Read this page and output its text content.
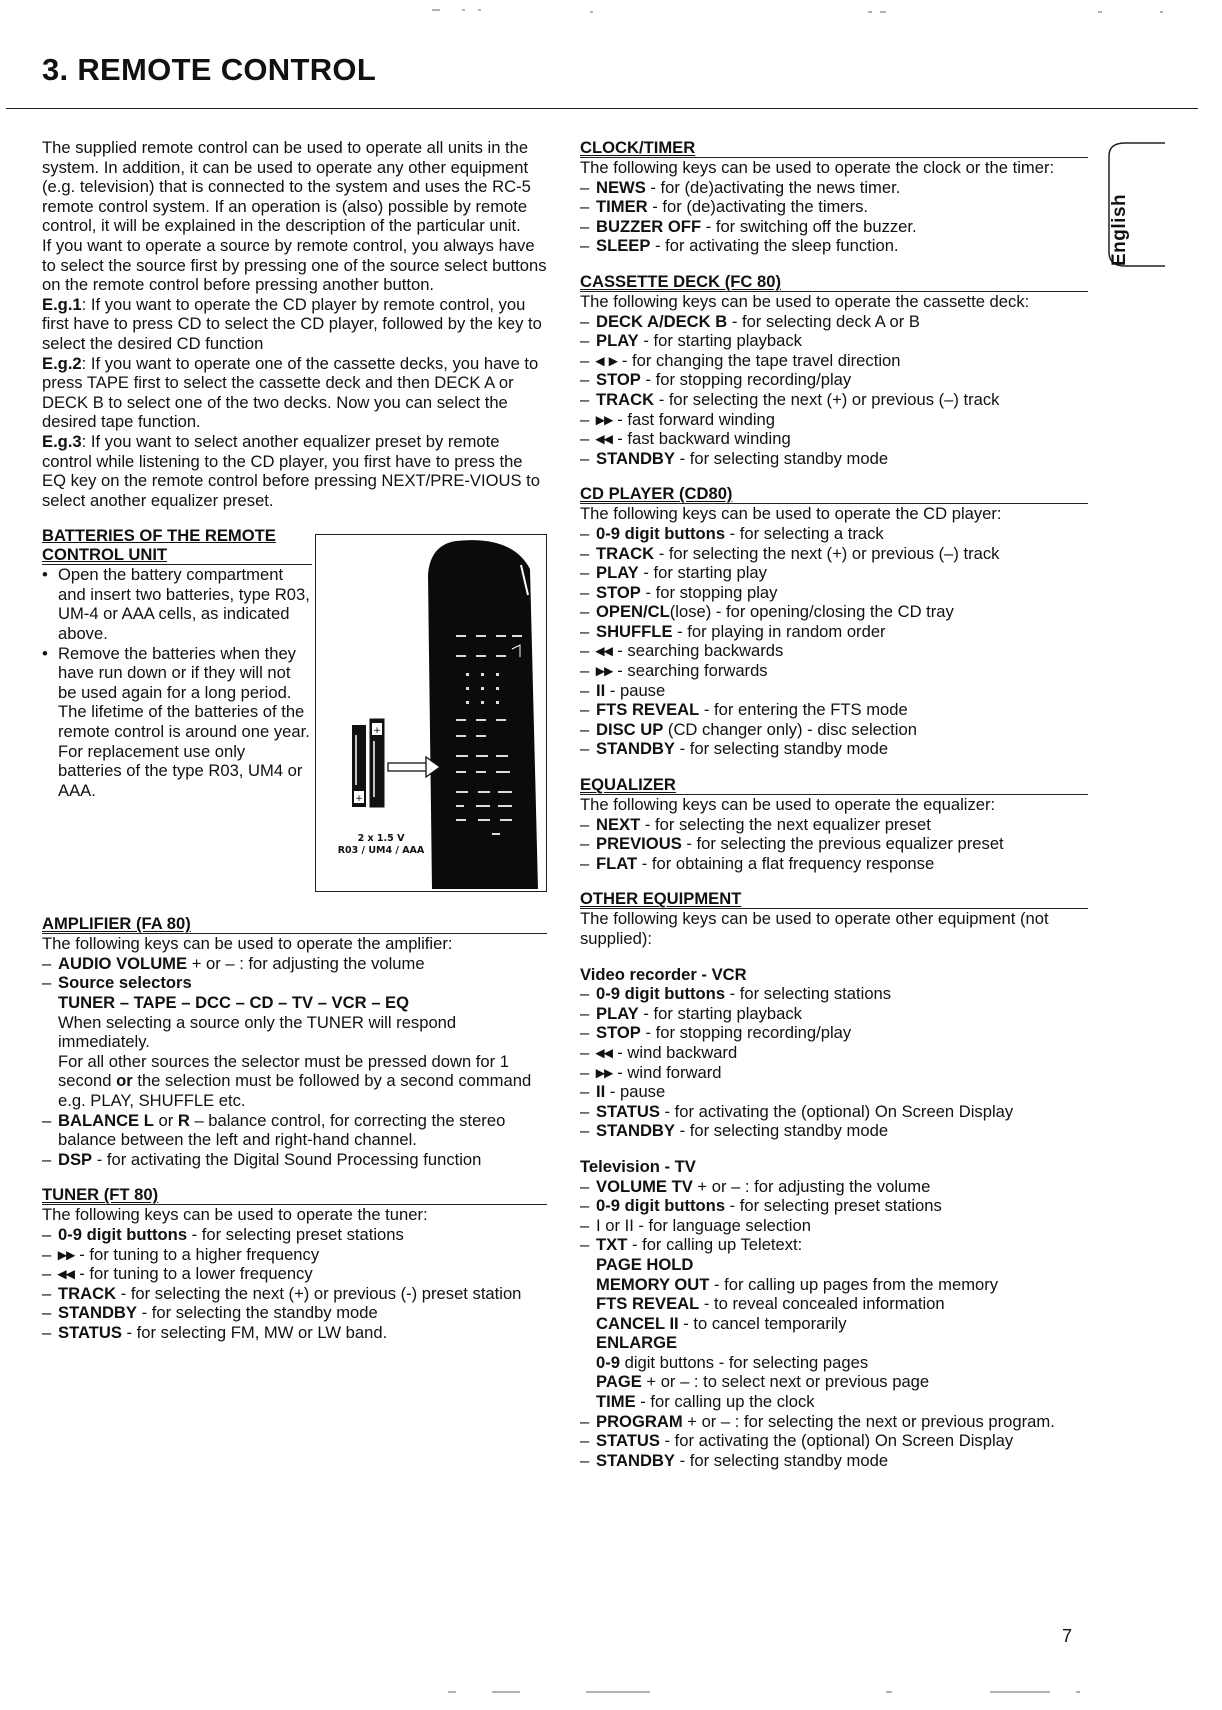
3. REMOTE CONTROL
English

The supplied remote control can be used to operate all units in the system. In addition, it can be used to operate any other equipment (e.g. television) that is connected to the system and uses the RC-5 remote control system. If an operation is (also) possible by remote control, it will be explained in the description of the particular unit.

If you want to operate a source by remote control, you always have to select the source first by pressing one of the source select buttons on the remote control before pressing another button.

E.g.1: If you want to operate the CD player by remote control, you first have to press CD to select the CD player, followed by the key to select the desired CD function

E.g.2: If you want to operate one of the cassette decks, you have to press TAPE first to select the cassette deck and then DECK A or DECK B to select one of the two decks. Now you can select the desired tape function.

E.g.3: If you want to select another equalizer preset by remote control while listening to the CD player, you first have to press the EQ key on the remote control before pressing NEXT/PRE-VIOUS to select another equalizer preset.

BATTERIES OF THE REMOTE
CONTROL UNIT
• Open the battery compartment and insert two batteries, type R03, UM-4 or AAA cells, as indicated above.
• Remove the batteries when they have run down or if they will not be used again for a long period.
The lifetime of the batteries of the remote control is around one year. For replacement use only batteries of the type R03, UM4 or AAA.
+
+
2 x 1.5 V
R03 / UM4 / AAA
AMPLIFIER (FA 80)

The following keys can be used to operate the amplifier:

– AUDIO VOLUME + or – : for adjusting the volume
– Source selectors
TUNER – TAPE – DCC – CD – TV – VCR – EQ
When selecting a source only the TUNER will respond immediately.
For all other sources the selector must be pressed down for 1 second or the selection must be followed by a second command e.g. PLAY, SHUFFLE etc.
– BALANCE L or R – balance control, for correcting the stereo balance between the left and right-hand channel.
– DSP - for activating the Digital Sound Processing function
TUNER (FT 80)

The following keys can be used to operate the tuner:

– 0-9 digit buttons - for selecting preset stations
– ▸▸ - for tuning to a higher frequency
– ◂◂ - for tuning to a lower frequency
– TRACK - for selecting the next (+) or previous (-) preset station
– STANDBY - for selecting the standby mode
– STATUS - for selecting FM, MW or LW band.
CLOCK/TIMER

The following keys can be used to operate the clock or the timer:

– NEWS - for (de)activating the news timer.
– TIMER - for (de)activating the timers.
– BUZZER OFF - for switching off the buzzer.
– SLEEP - for activating the sleep function.
CASSETTE DECK (FC 80)

The following keys can be used to operate the cassette deck:

– DECK A/DECK B - for selecting deck A or B
– PLAY - for starting playback
– ◂ ▸ - for changing the tape travel direction
– STOP - for stopping recording/play
– TRACK - for selecting the next (+) or previous (–) track
– ▸▸ - fast forward winding
– ◂◂ - fast backward winding
– STANDBY - for selecting standby mode
CD PLAYER (CD80)

The following keys can be used to operate the CD player:

– 0-9 digit buttons - for selecting a track
– TRACK - for selecting the next (+) or previous (–) track
– PLAY - for starting play
– STOP - for stopping play
– OPEN/CL(lose) - for opening/closing the CD tray
– SHUFFLE - for playing in random order
– ◂◂ - searching backwards
– ▸▸ - searching forwards
– II - pause
– FTS REVEAL - for entering the FTS mode
– DISC UP (CD changer only) - disc selection
– STANDBY - for selecting standby mode
EQUALIZER

The following keys can be used to operate the equalizer:

– NEXT - for selecting the next equalizer preset
– PREVIOUS - for selecting the previous equalizer preset
– FLAT - for obtaining a flat frequency response
OTHER EQUIPMENT

The following keys can be used to operate other equipment (not supplied):

Video recorder - VCR
– 0-9 digit buttons - for selecting stations
– PLAY - for starting playback
– STOP - for stopping recording/play
– ◂◂ - wind backward
– ▸▸ - wind forward
– II - pause
– STATUS - for activating the (optional) On Screen Display
– STANDBY - for selecting standby mode
Television - TV
– VOLUME TV + or – : for adjusting the volume
– 0-9 digit buttons - for selecting preset stations
– I or II - for language selection
– TXT - for calling up Teletext:
PAGE HOLD
MEMORY OUT - for calling up pages from the memory
FTS REVEAL - to reveal concealed information
CANCEL II - to cancel temporarily
ENLARGE
0-9 digit buttons - for selecting pages
PAGE + or – : to select next or previous page
TIME - for calling up the clock
– PROGRAM + or – : for selecting the next or previous program.
– STATUS - for activating the (optional) On Screen Display
– STANDBY - for selecting standby mode
7
